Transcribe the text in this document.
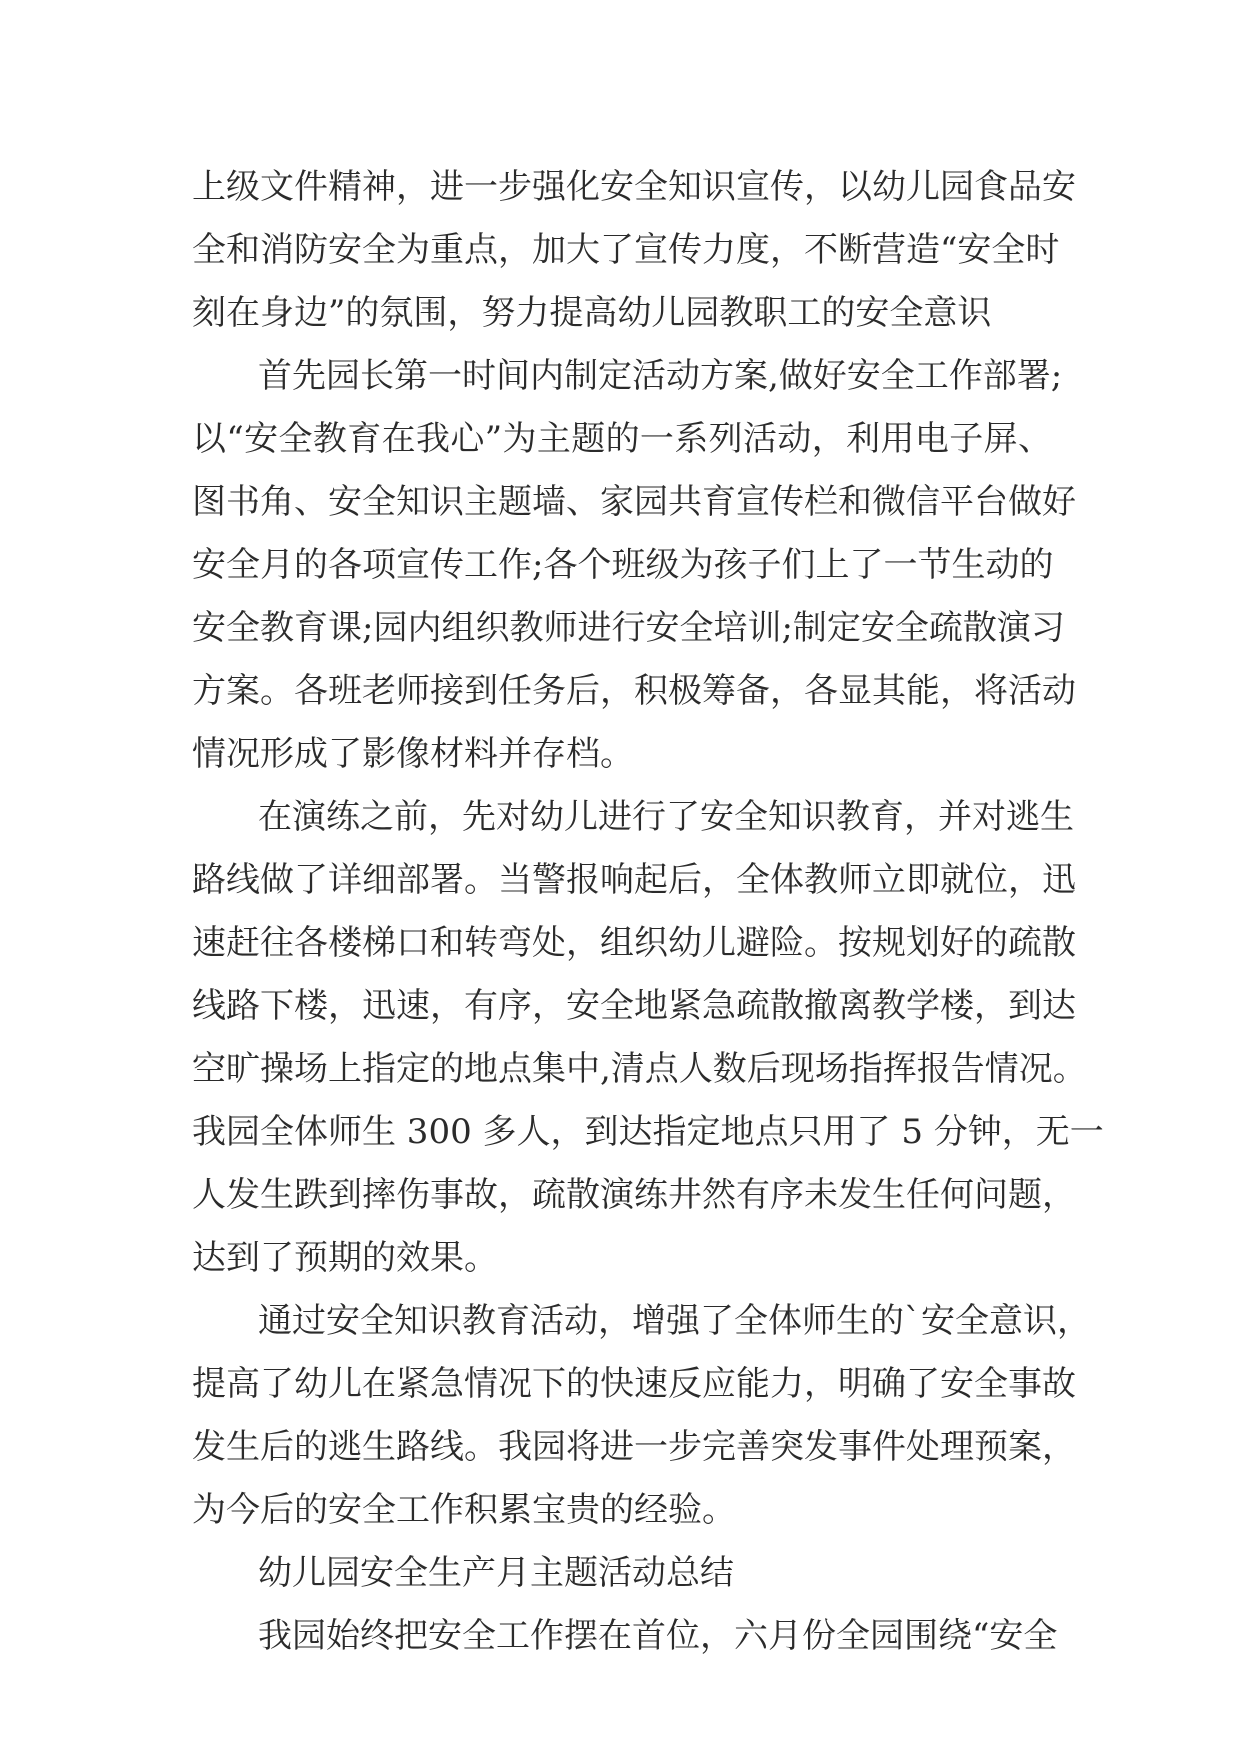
上级文件精神，进一步强化安全知识宣传，以幼儿园食品安
全和消防安全为重点，加大了宣传力度，不断营造“安全时
刻在身边”的氛围，努力提高幼儿园教职工的安全意识
首先园长第一时间内制定活动方案,做好安全工作部署;
以“安全教育在我心”为主题的一系列活动，利用电子屏、
图书角、安全知识主题墙、家园共育宣传栏和微信平台做好
安全月的各项宣传工作;各个班级为孩子们上了一节生动的
安全教育课;园内组织教师进行安全培训;制定安全疏散演习
方案。各班老师接到任务后，积极筹备，各显其能，将活动
情况形成了影像材料并存档。
在演练之前，先对幼儿进行了安全知识教育，并对逃生
路线做了详细部署。当警报响起后，全体教师立即就位，迅
速赶往各楼梯口和转弯处，组织幼儿避险。按规划好的疏散
线路下楼，迅速，有序，安全地紧急疏散撤离教学楼，到达
空旷操场上指定的地点集中,清点人数后现场指挥报告情况。
我园全体师生 300 多人，到达指定地点只用了 5 分钟，无一
人发生跌到摔伤事故，疏散演练井然有序未发生任何问题，
达到了预期的效果。
通过安全知识教育活动，增强了全体师生的`安全意识，
提高了幼儿在紧急情况下的快速反应能力，明确了安全事故
发生后的逃生路线。我园将进一步完善突发事件处理预案，
为今后的安全工作积累宝贵的经验。
幼儿园安全生产月主题活动总结
我园始终把安全工作摆在首位，六月份全园围绕“安全
